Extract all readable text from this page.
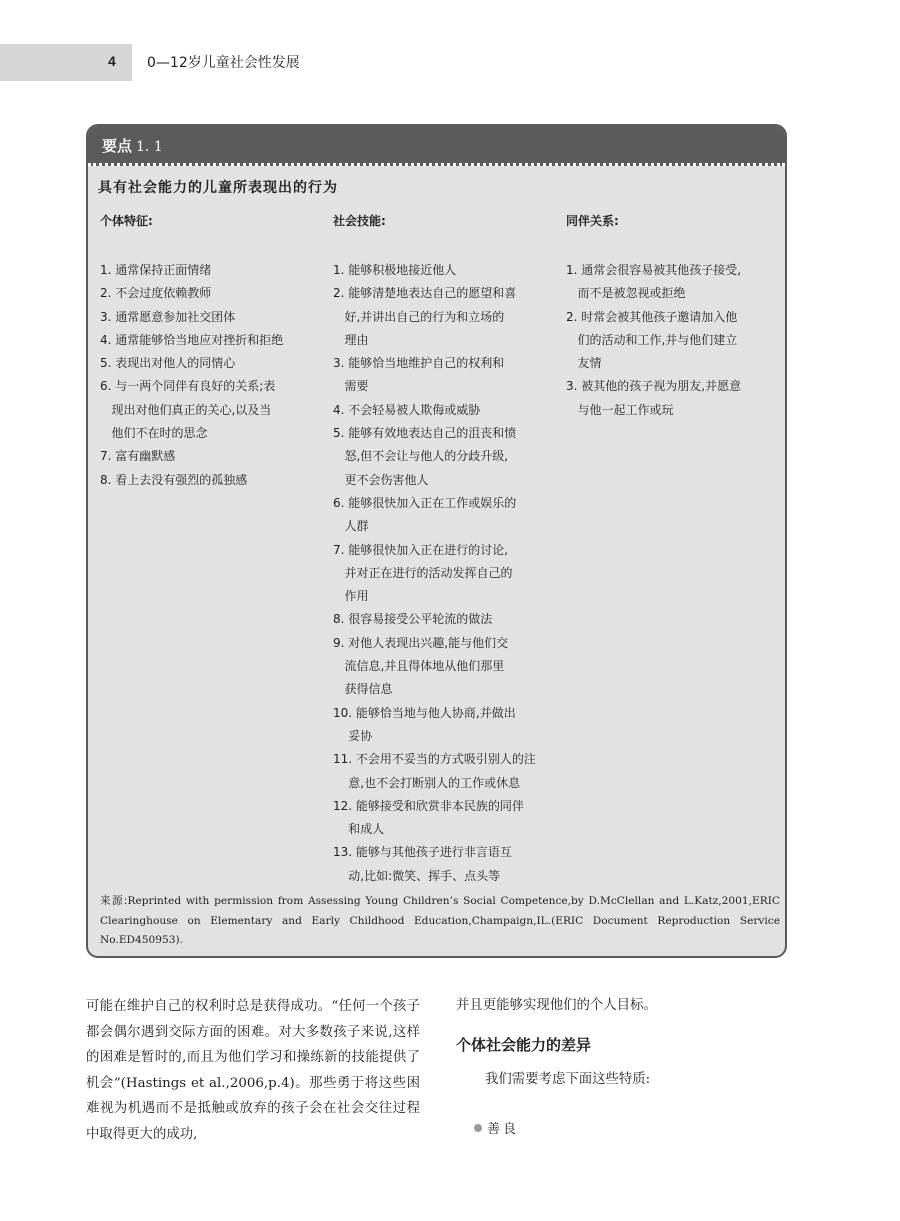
4 0—12岁儿童社会性发展
要点 1. 1
具有社会能力的儿童所表现出的行为
个体特征:	社会技能:	同伴关系:
1. 通常保持正面情绪
2. 不会过度依赖教师
3. 通常愿意参加社交团体
4. 通常能够恰当地应对挫折和拒绝
5. 表现出对他人的同情心
6. 与一两个同伴有良好的关系;表
现出对他们真正的关心,以及当
他们不在时的思念
7. 富有幽默感
8. 看上去没有强烈的孤独感
1. 能够积极地接近他人
2. 能够清楚地表达自己的愿望和喜
好,并讲出自己的行为和立场的
理由
3. 能够恰当地维护自己的权利和
需要
4. 不会轻易被人欺侮或威胁
5. 能够有效地表达自己的沮丧和愤
怒,但不会让与他人的分歧升级,
更不会伤害他人
6. 能够很快加入正在工作或娱乐的
人群
7. 能够很快加入正在进行的讨论,
并对正在进行的活动发挥自己的
作用
8. 很容易接受公平轮流的做法
9. 对他人表现出兴趣,能与他们交
流信息,并且得体地从他们那里
获得信息
10. 能够恰当地与他人协商,并做出
妥协
11. 不会用不妥当的方式吸引别人的注
意,也不会打断别人的工作或休息
12. 能够接受和欣赏非本民族的同伴
和成人
13. 能够与其他孩子进行非言语互
动,比如:微笑、挥手、点头等
1. 通常会很容易被其他孩子接受,
而不是被忽视或拒绝
2. 时常会被其他孩子邀请加入他
们的活动和工作,并与他们建立
友情
3. 被其他的孩子视为朋友,并愿意
与他一起工作或玩
来源:Reprinted with permission from Assessing Young Children’s Social Competence,by D.McClellan and L.Katz,2001,ERIC Clearinghouse on Elementary and Early Childhood Education,Champaign,IL.(ERIC Document Reproduction Service No.ED450953).
可能在维护自己的权利时总是获得成功。“任何一个孩子都会偶尔遇到交际方面的困难。对大多数孩子来说,这样的困难是暂时的,而且为他们学习和操练新的技能提供了机会”(Hastings et al.,2006,p.4)。那些勇于将这些困难视为机遇而不是抵触或放弃的孩子会在社会交往过程中取得更大的成功,
并且更能够实现他们的个人目标。
个体社会能力的差异
我们需要考虑下面这些特质:
善良
